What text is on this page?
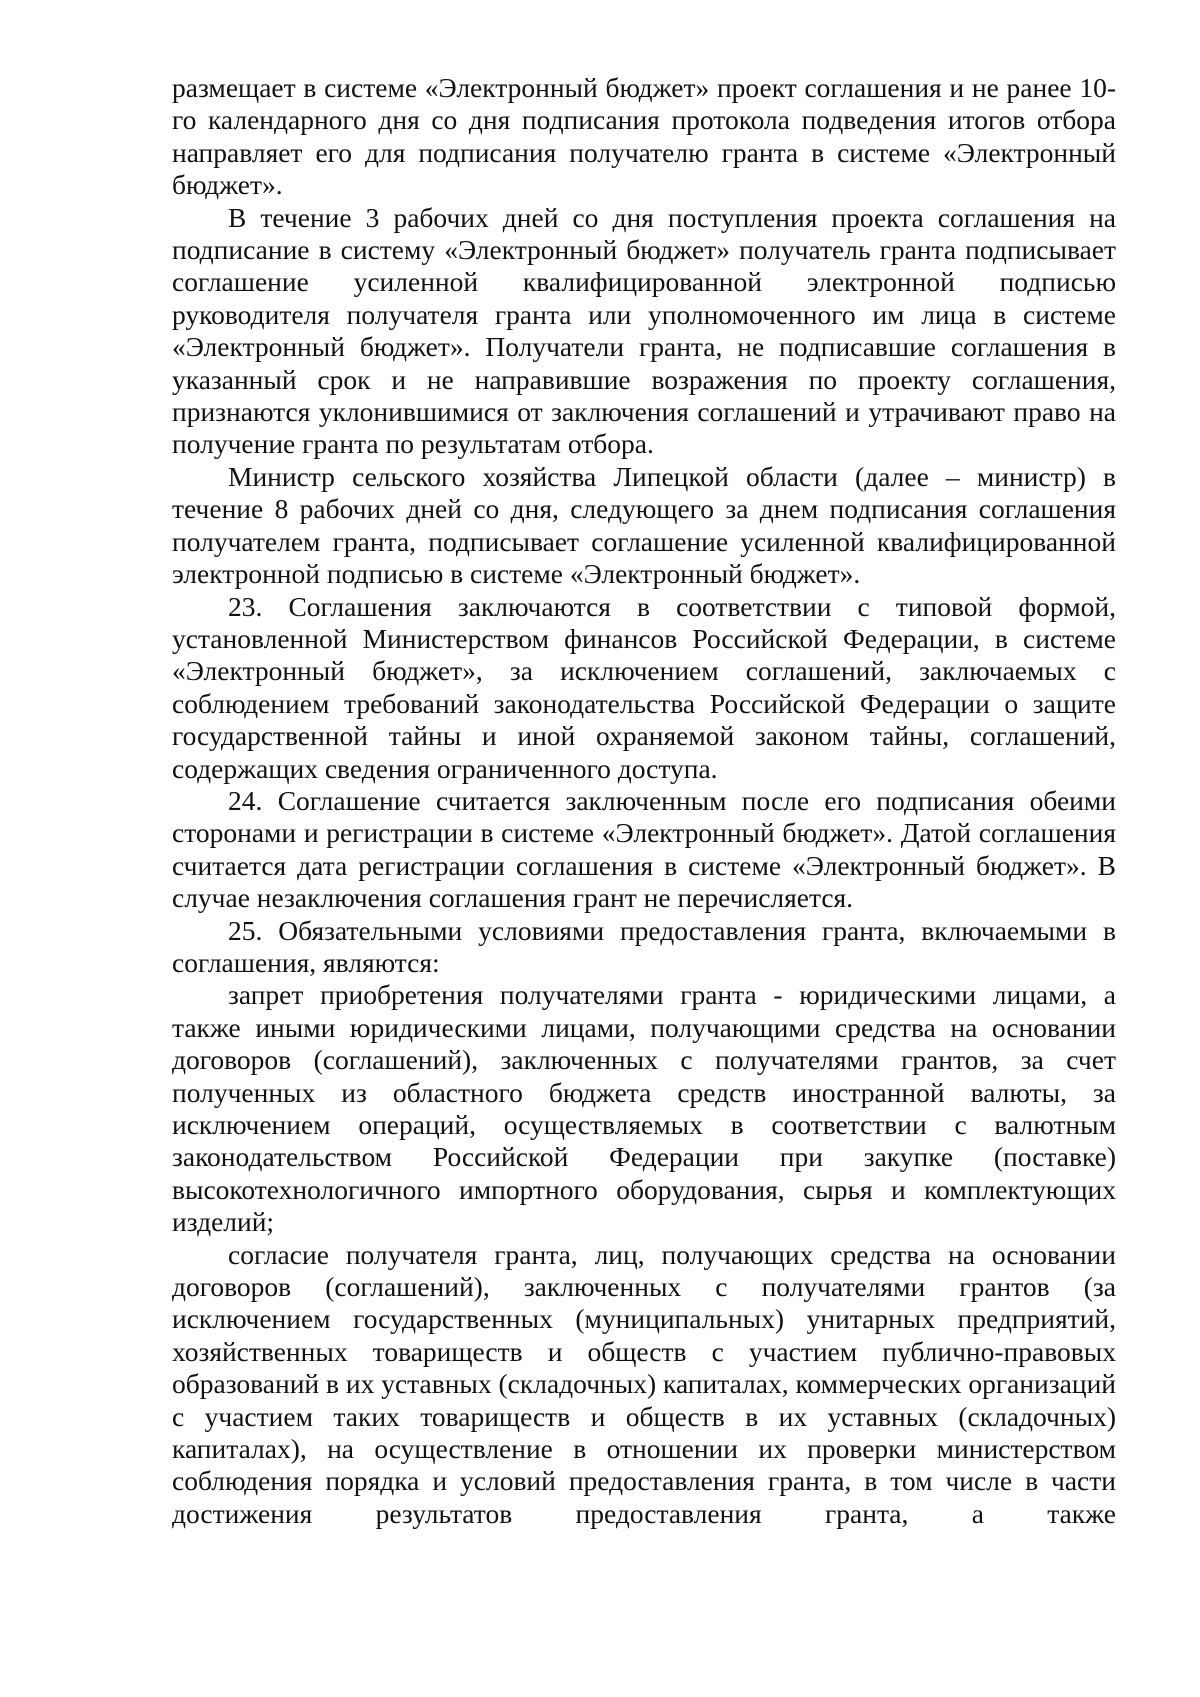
размещает в системе «Электронный бюджет» проект соглашения и не ранее 10-го календарного дня со дня подписания протокола подведения итогов отбора направляет его для подписания получателю гранта в системе «Электронный бюджет».

В течение 3 рабочих дней со дня поступления проекта соглашения на подписание в систему «Электронный бюджет» получатель гранта подписывает соглашение усиленной квалифицированной электронной подписью руководителя получателя гранта или уполномоченного им лица в системе «Электронный бюджет». Получатели гранта, не подписавшие соглашения в указанный срок и не направившие возражения по проекту соглашения, признаются уклонившимися от заключения соглашений и утрачивают право на получение гранта по результатам отбора.

Министр сельского хозяйства Липецкой области (далее – министр) в течение 8 рабочих дней со дня, следующего за днем подписания соглашения получателем гранта, подписывает соглашение усиленной квалифицированной электронной подписью в системе «Электронный бюджет».

23. Соглашения заключаются в соответствии с типовой формой, установленной Министерством финансов Российской Федерации, в системе «Электронный бюджет», за исключением соглашений, заключаемых с соблюдением требований законодательства Российской Федерации о защите государственной тайны и иной охраняемой законом тайны, соглашений, содержащих сведения ограниченного доступа.

24. Соглашение считается заключенным после его подписания обеими сторонами и регистрации в системе «Электронный бюджет». Датой соглашения считается дата регистрации соглашения в системе «Электронный бюджет». В случае незаключения соглашения грант не перечисляется.

25. Обязательными условиями предоставления гранта, включаемыми в соглашения, являются:

запрет приобретения получателями гранта - юридическими лицами, а также иными юридическими лицами, получающими средства на основании договоров (соглашений), заключенных с получателями грантов, за счет полученных из областного бюджета средств иностранной валюты, за исключением операций, осуществляемых в соответствии с валютным законодательством Российской Федерации при закупке (поставке) высокотехнологичного импортного оборудования, сырья и комплектующих изделий;

согласие получателя гранта, лиц, получающих средства на основании договоров (соглашений), заключенных с получателями грантов (за исключением государственных (муниципальных) унитарных предприятий, хозяйственных товариществ и обществ с участием публично-правовых образований в их уставных (складочных) капиталах, коммерческих организаций с участием таких товариществ и обществ в их уставных (складочных) капиталах), на осуществление в отношении их проверки министерством соблюдения порядка и условий предоставления гранта, в том числе в части достижения результатов предоставления гранта, а также
